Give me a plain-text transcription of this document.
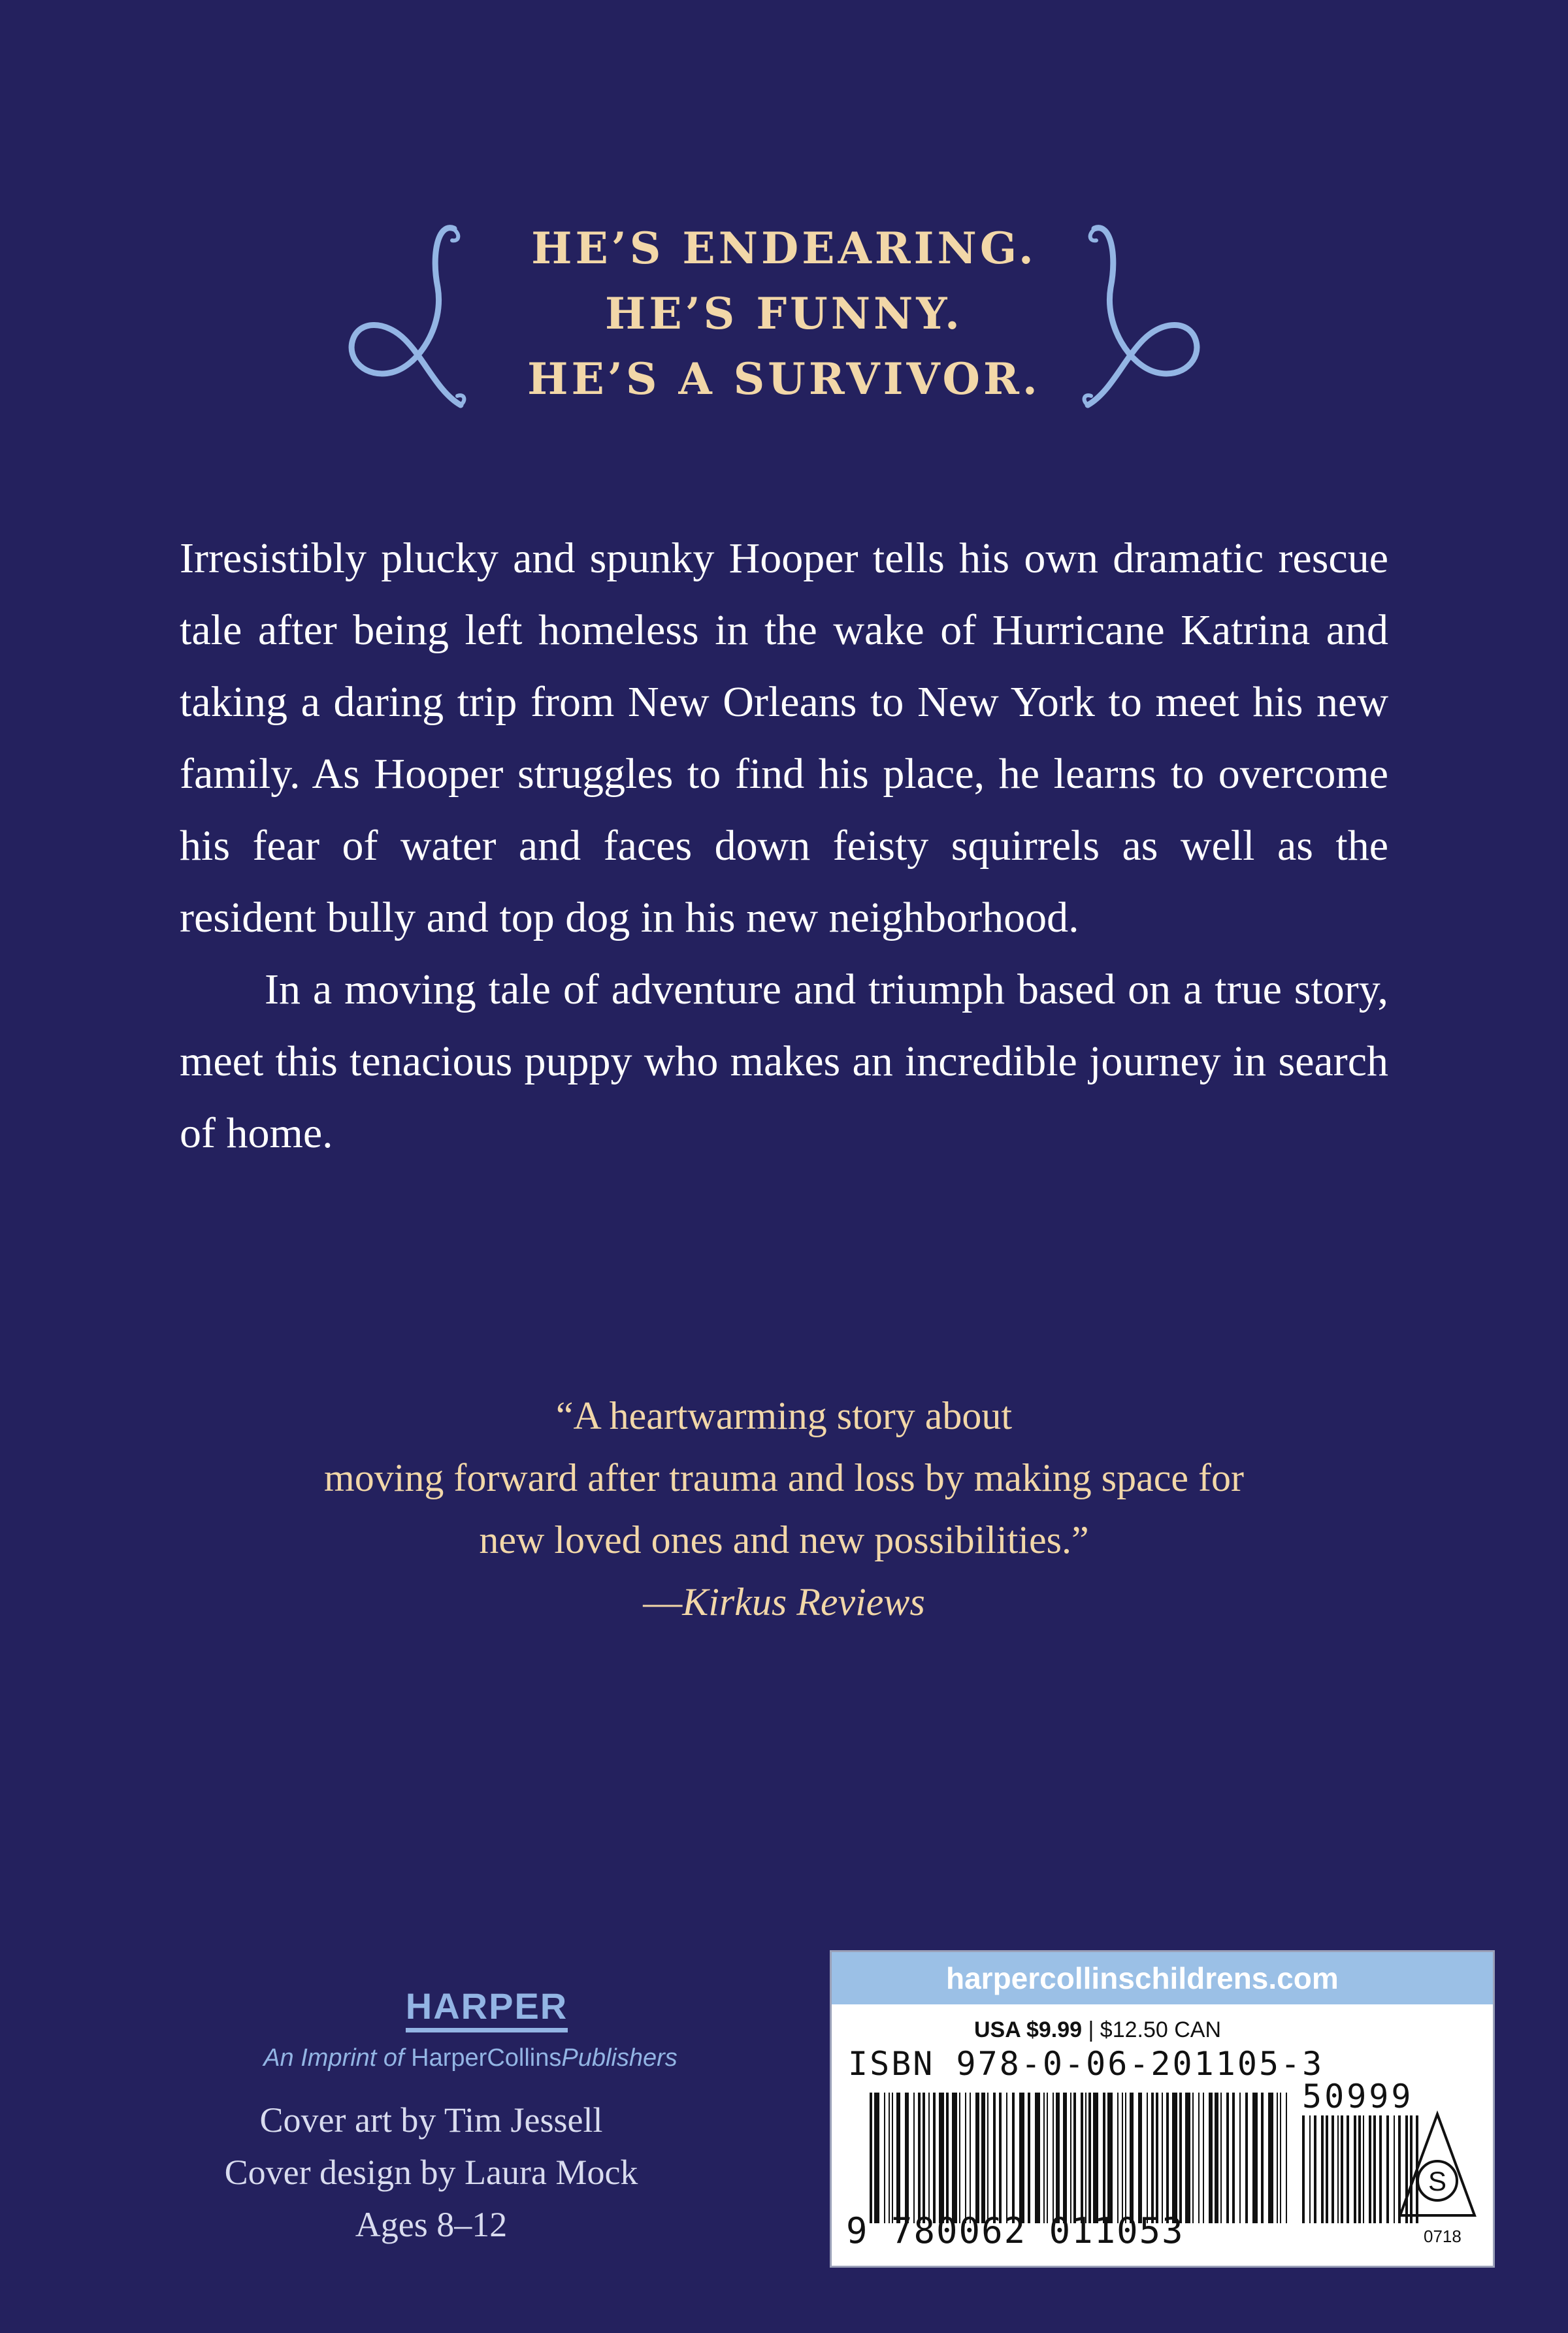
HE’S ENDEARING.
HE’S FUNNY.
HE’S A SURVIVOR.

Irresistibly plucky and spunky Hooper tells his own dramatic rescue tale after being left homeless in the wake of Hurricane Katrina and taking a daring trip from New Orleans to New York to meet his new family. As Hooper struggles to find his place, he learns to overcome his fear of water and faces down feisty squirrels as well as the resident bully and top dog in his new neighborhood.

In a moving tale of adventure and triumph based on a true story, meet this tenacious puppy who makes an incredible journey in search of home.

“A heartwarming story about
moving forward after trauma and loss by making space for
new loved ones and new possibilities.”
—Kirkus Reviews
HARPER
An Imprint of HarperCollinsPublishers
Cover art by Tim Jessell
Cover design by Laura Mock
Ages 8–12
harpercollinschildrens.com
USA $9.99 | $12.50 CAN
ISBN 978-0-06-201105-3
50999
9 780062 011053
S
0718
